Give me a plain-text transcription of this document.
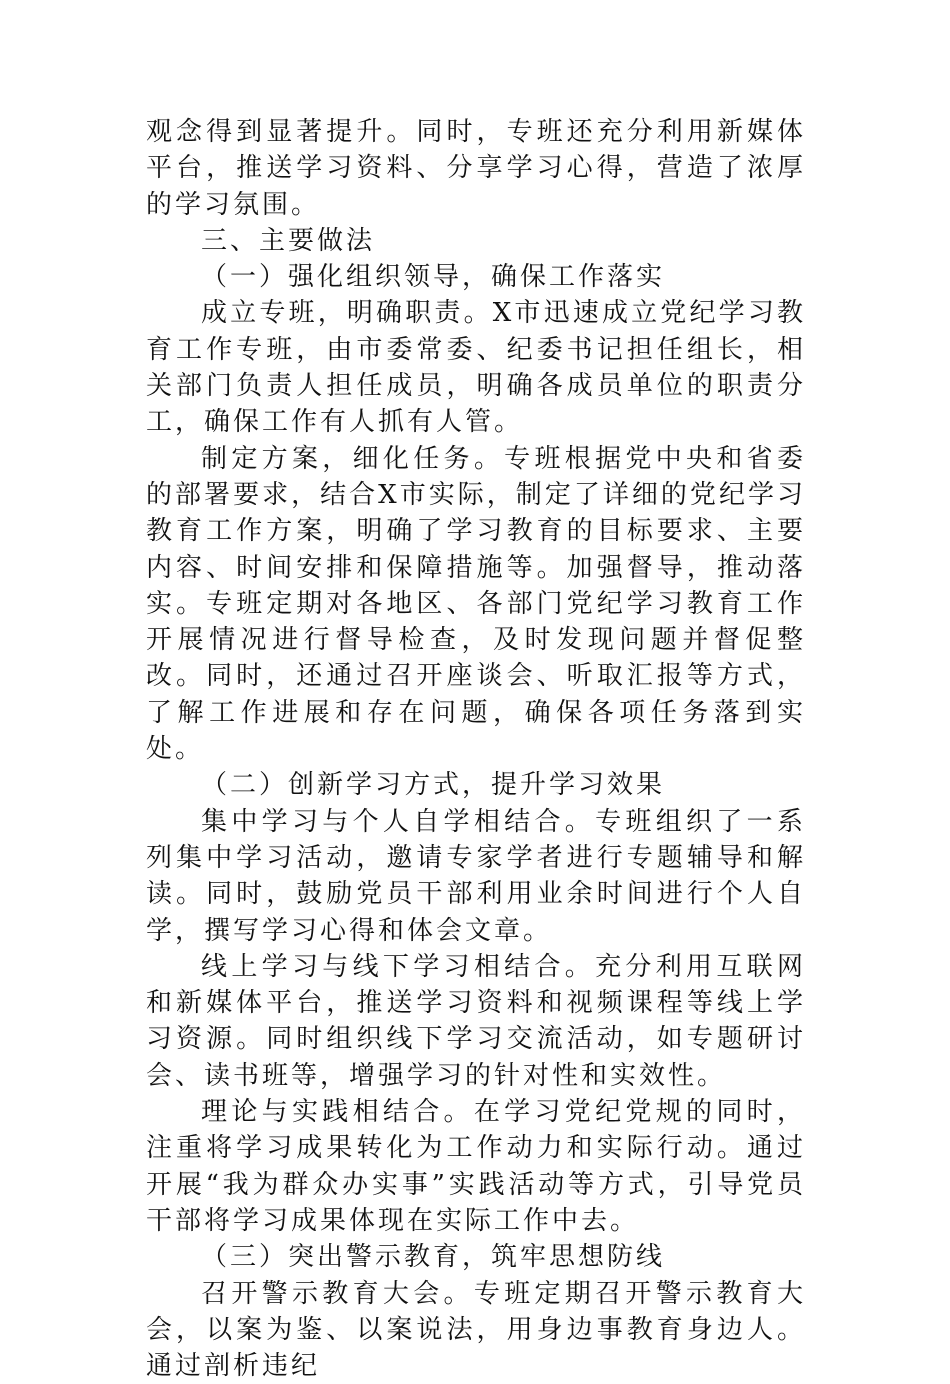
观念得到显著提升。同时，专班还充分利用新媒体平台，推送学习资料、分享学习心得，营造了浓厚的学习氛围。

三、主要做法

（一）强化组织领导，确保工作落实

成立专班，明确职责。X市迅速成立党纪学习教育工作专班，由市委常委、纪委书记担任组长，相关部门负责人担任成员，明确各成员单位的职责分工，确保工作有人抓有人管。

制定方案，细化任务。专班根据党中央和省委的部署要求，结合X市实际，制定了详细的党纪学习教育工作方案，明确了学习教育的目标要求、主要内容、时间安排和保障措施等。加强督导，推动落实。专班定期对各地区、各部门党纪学习教育工作开展情况进行督导检查，及时发现问题并督促整改。同时，还通过召开座谈会、听取汇报等方式，了解工作进展和存在问题，确保各项任务落到实处。

（二）创新学习方式，提升学习效果

集中学习与个人自学相结合。专班组织了一系列集中学习活动，邀请专家学者进行专题辅导和解读。同时，鼓励党员干部利用业余时间进行个人自学，撰写学习心得和体会文章。

线上学习与线下学习相结合。充分利用互联网和新媒体平台，推送学习资料和视频课程等线上学习资源。同时组织线下学习交流活动，如专题研讨会、读书班等，增强学习的针对性和实效性。

理论与实践相结合。在学习党纪党规的同时，注重将学习成果转化为工作动力和实际行动。通过开展“我为群众办实事”实践活动等方式，引导党员干部将学习成果体现在实际工作中去。

（三）突出警示教育，筑牢思想防线

召开警示教育大会。专班定期召开警示教育大会，以案为鉴、以案说法，用身边事教育身边人。通过剖析违纪
